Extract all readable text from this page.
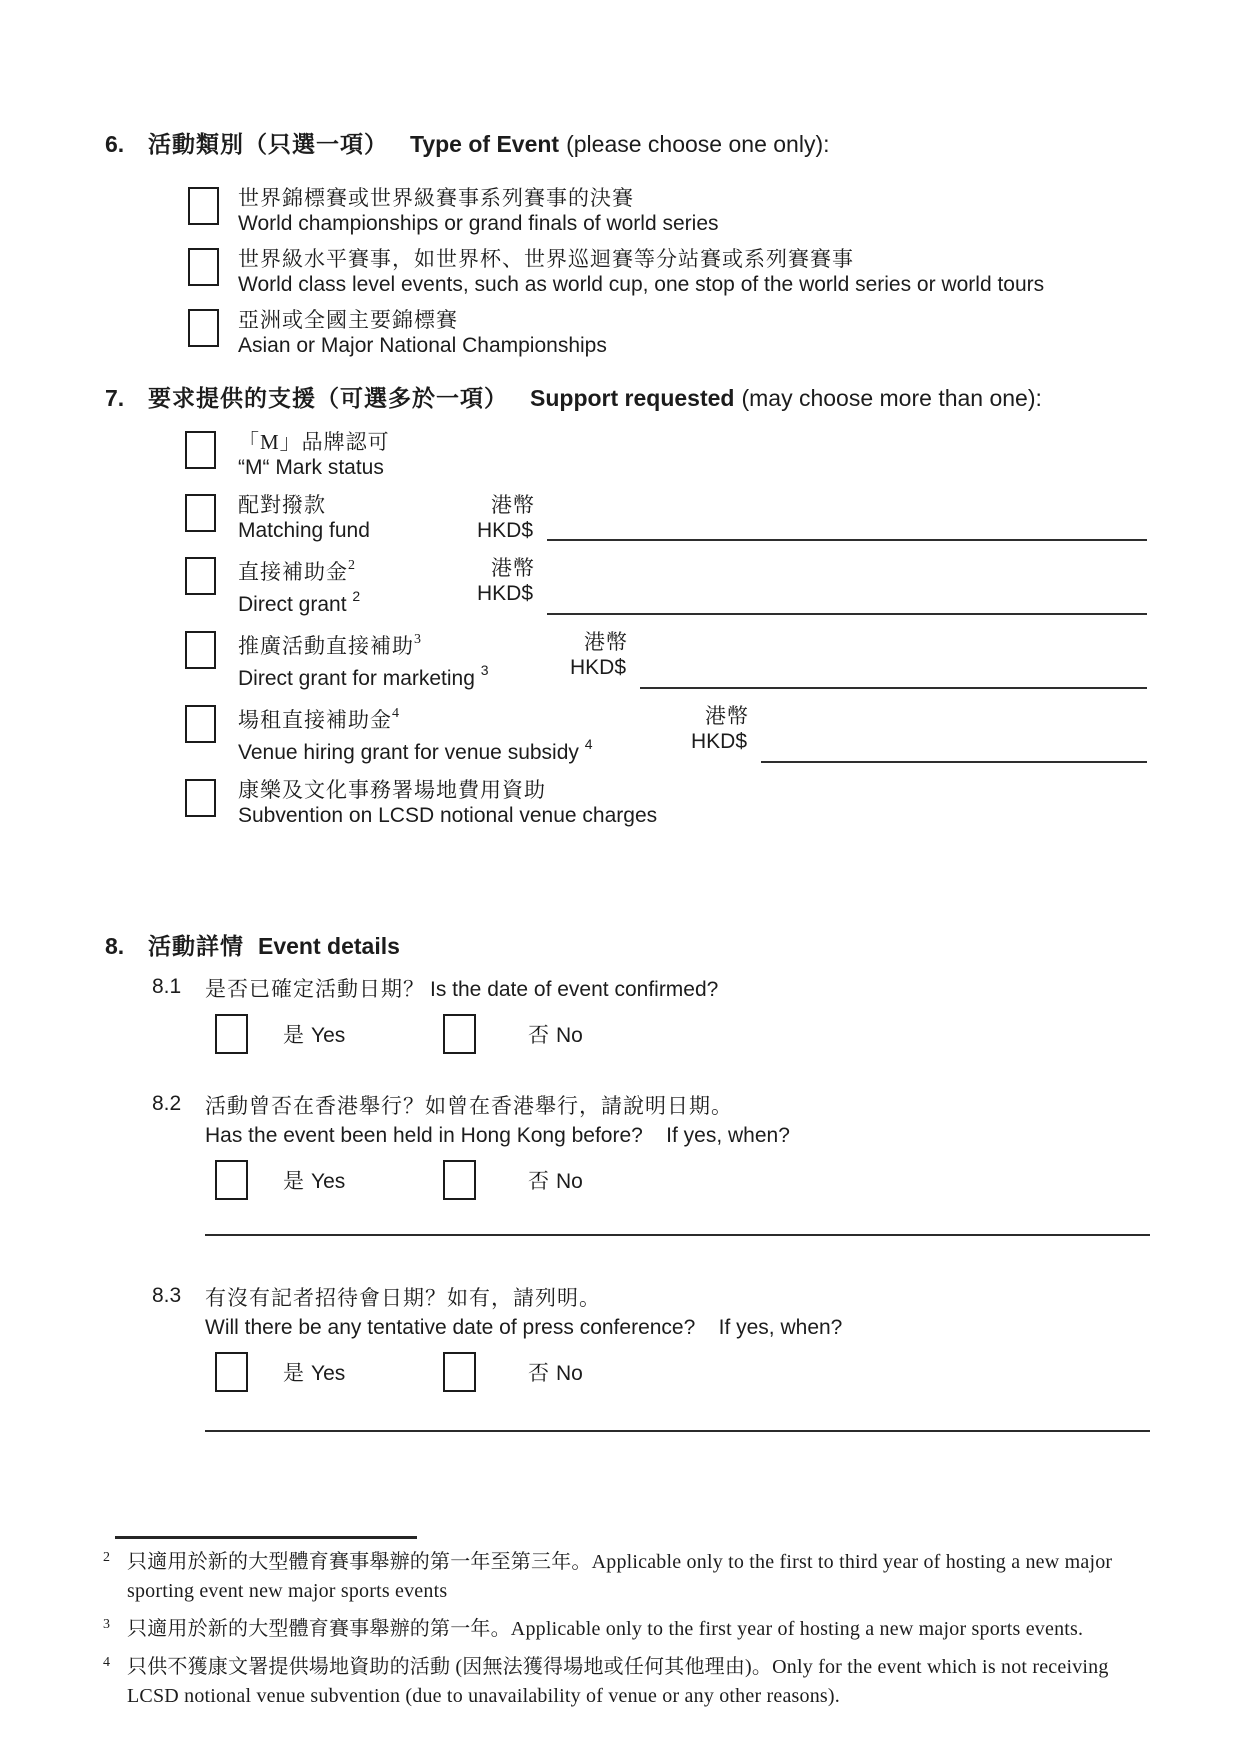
6.	活動類別（只選一項） Type of Event (please choose one only):
世界錦標賽或世界級賽事系列賽事的決賽
World championships or grand finals of world series
世界級水平賽事，如世界杯、世界巡迴賽等分站賽或系列賽賽事
World class level events, such as world cup, one stop of the world series or world tours
亞洲或全國主要錦標賽
Asian or Major National Championships
7.	要求提供的支援（可選多於一項） Support requested (may choose more than one):
「M」品牌認可
“M“ Mark status
配對撥款
Matching fund
港幣
HKD$
直接補助金$^2$
Direct grant $^2$
港幣
HKD$
推廣活動直接補助$^3$
Direct grant for marketing $^3$
港幣
HKD$
場租直接補助金$^4$
Venue hiring grant for venue subsidy $^4$
港幣
HKD$
康樂及文化事務署場地費用資助
Subvention on LCSD notional venue charges
8.	活動詳情 Event details
8.1	是否已確定活動日期？ Is the date of event confirmed?
是 Yes	否 No
8.2	活動曾否在香港舉行？如曾在香港舉行，請說明日期。
Has the event been held in Hong Kong before?    If yes, when?
是 Yes	否 No
8.3	有沒有記者招待會日期？如有，請列明。
Will there be any tentative date of press conference?    If yes, when?
是 Yes	否 No
2 只適用於新的大型體育賽事舉辦的第一年至第三年。Applicable only to the first to third year of hosting a new major sporting event new major sports events
3 只適用於新的大型體育賽事舉辦的第一年。Applicable only to the first year of hosting a new major sports events.
4 只供不獲康文署提供場地資助的活動 (因無法獲得場地或任何其他理由)。Only for the event which is not receiving LCSD notional venue subvention (due to unavailability of venue or any other reasons).
